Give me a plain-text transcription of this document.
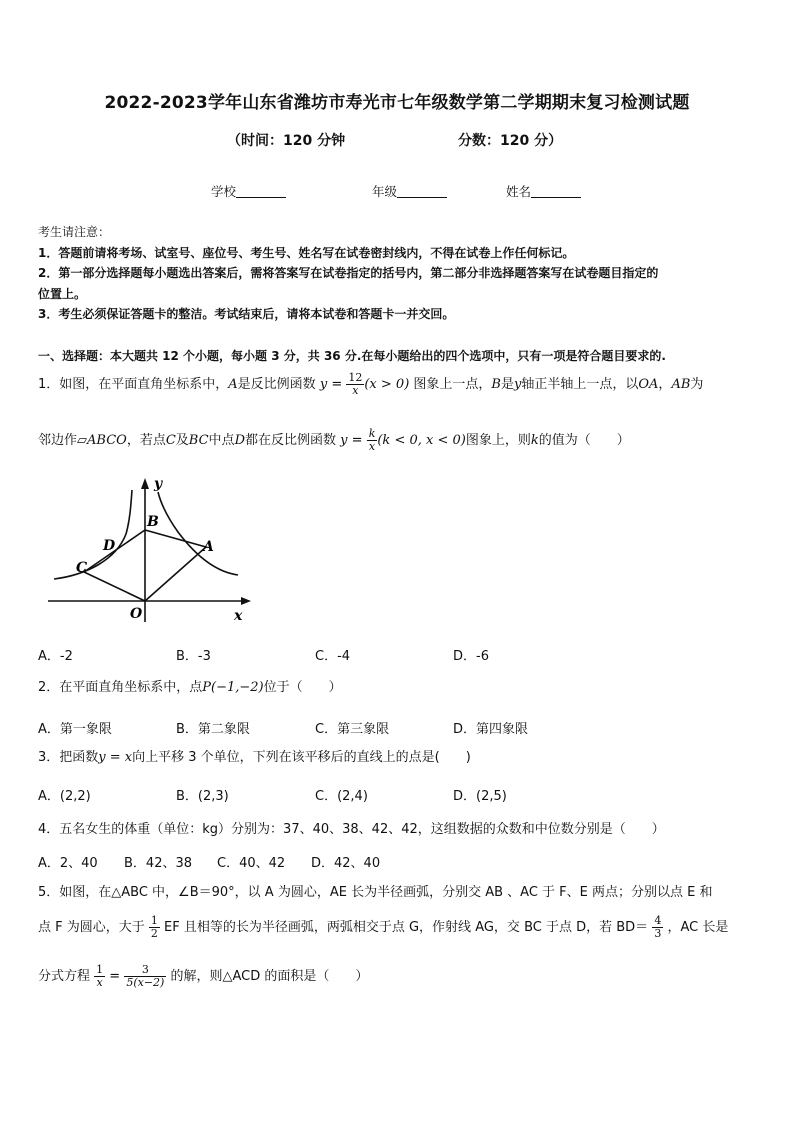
2022-2023学年山东省潍坊市寿光市七年级数学第二学期期末复习检测试题
（时间：120 分钟	分数：120 分）
学校	年级	姓名
考生请注意：
1．答题前请将考场、试室号、座位号、考生号、姓名写在试卷密封线内，不得在试卷上作任何标记。
2．第一部分选择题每小题选出答案后，需将答案写在试卷指定的括号内，第二部分非选择题答案写在试卷题目指定的
位置上。
3．考生必须保证答题卡的整洁。考试结束后，请将本试卷和答题卡一并交回。
一、选择题：本大题共 12 个小题，每小题 3 分，共 36 分.在每小题给出的四个选项中，只有一项是符合题目要求的.
1．如图，在平面直角坐标系中，A是反比例函数 $y = \frac{12}{x} (x > 0)$ 图象上一点，B是y轴正半轴上一点，以OA，AB为
邻边作▱ABCO，若点C及BC中点D都在反比例函数 $y = \frac{k}{x} (k < 0$, x < 0)图象上，则k的值为（　　）
y
B
D	A
C
O	x
A．-2	B．-3	C．-4	D．-6
2．在平面直角坐标系中，点P(−1,−2)位于（　　）
A．第一象限	B．第二象限	C．第三象限	D．第四象限
3．把函数y = x向上平移 3 个单位，下列在该平移后的直线上的点是(　　)
A．(2,2)	B．(2,3)	C．(2,4)	D．(2,5)
4．五名女生的体重（单位：kg）分别为：37、40、38、42、42，这组数据的众数和中位数分别是（　　）
A．2、40 B．42、38 C．40、42 D．42、40
5．如图，在△ABC 中，∠B＝90°，以 A 为圆心，AE 长为半径画弧，分别交 AB 、AC 于 F、E 两点；分别以点 E 和
点 F 为圆心，大于 $\frac{1}{2}$ EF 且相等的长为半径画弧，两弧相交于点 G，作射线 AG，交 BC 于点 D，若 $BD= \frac{4}{3}$ ，AC 长是
分式方程 $\frac{1}{x} = \frac{3}{5(x-2)}$ 的解，则△ACD 的面积是（　　）
